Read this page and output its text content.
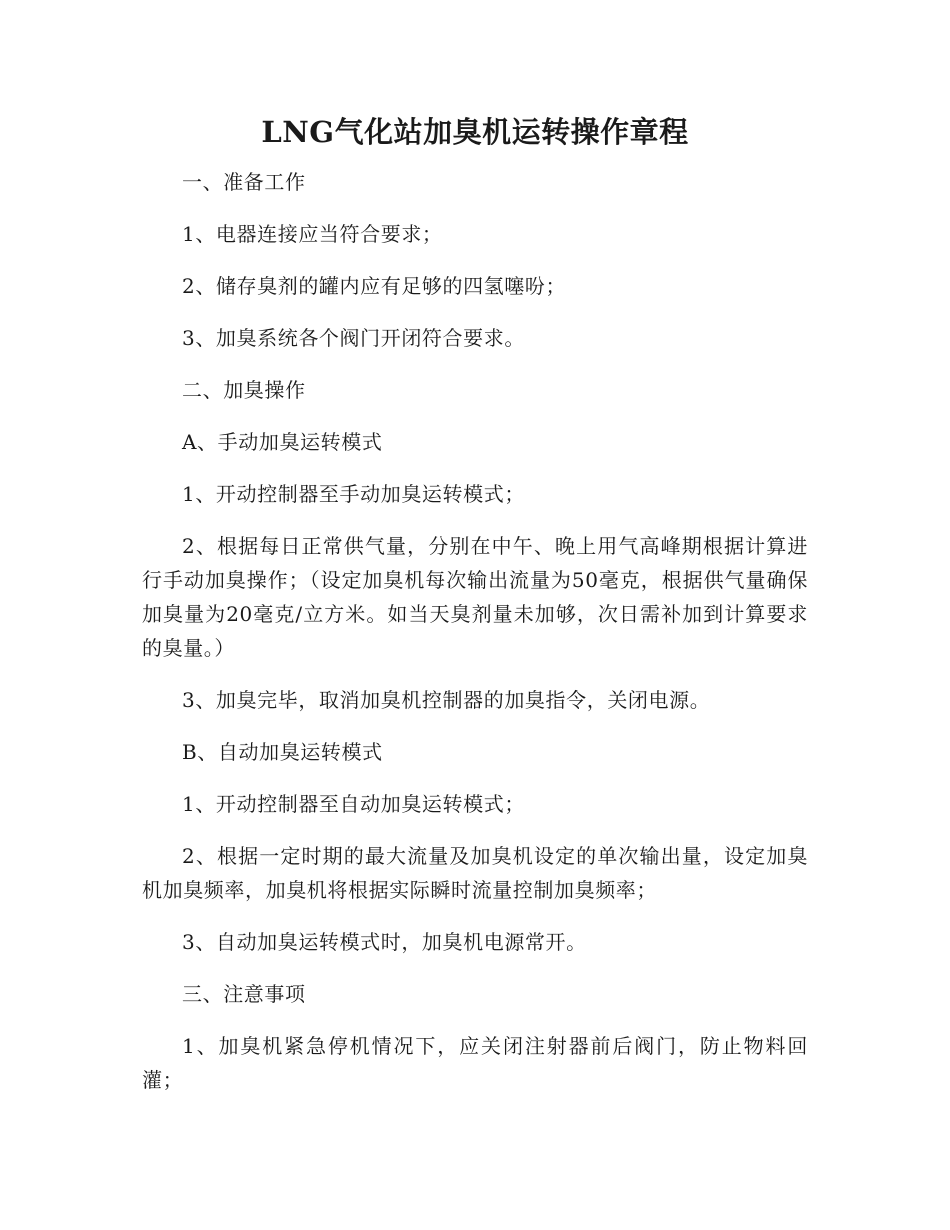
LNG气化站加臭机运转操作章程

一、准备工作

1、电器连接应当符合要求；

2、储存臭剂的罐内应有足够的四氢噻吩；

3、加臭系统各个阀门开闭符合要求。

二、加臭操作

A、手动加臭运转模式

1、开动控制器至手动加臭运转模式；

2、根据每日正常供气量，分别在中午、晚上用气高峰期根据计算进行手动加臭操作；（设定加臭机每次输出流量为50毫克，根据供气量确保加臭量为20毫克/立方米。如当天臭剂量未加够，次日需补加到计算要求的臭量。）

3、加臭完毕，取消加臭机控制器的加臭指令，关闭电源。

B、自动加臭运转模式

1、开动控制器至自动加臭运转模式；

2、根据一定时期的最大流量及加臭机设定的单次输出量，设定加臭机加臭频率，加臭机将根据实际瞬时流量控制加臭频率；

3、自动加臭运转模式时，加臭机电源常开。

三、注意事项

1、加臭机紧急停机情况下，应关闭注射器前后阀门，防止物料回灌；
